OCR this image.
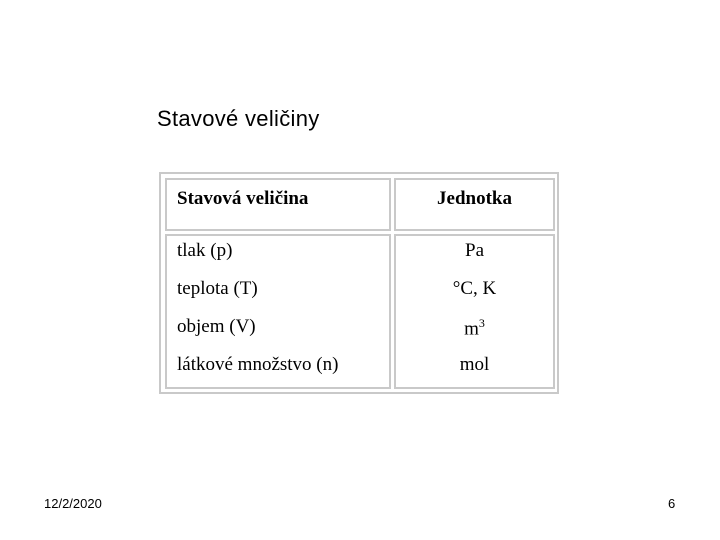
Stavové veličiny
Stavová veličina	Jednotka
tlak (p)
teplota (T)
objem (V)
látkové množstvo (n)
Pa
°C, K
$m^3$
mol
12/2/2020	6
